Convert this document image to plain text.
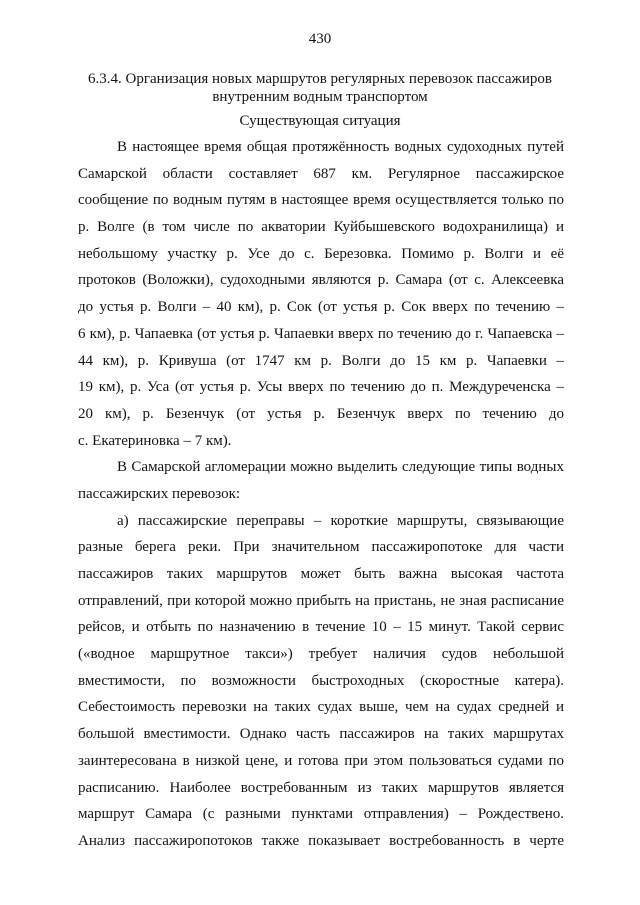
430
6.3.4. Организация новых маршрутов регулярных перевозок пассажиров
внутренним водным транспортом
Существующая ситуация
В настоящее время общая протяжённость водных судоходных путей
Самарской области составляет 687 км. Регулярное пассажирское
сообщение по водным путям в настоящее время осуществляется только по
р. Волге (в том числе по акватории Куйбышевского водохранилища) и
небольшому участку р. Усе до с. Березовка. Помимо р. Волги и её
протоков (Воложки), судоходными являются р. Самара (от с. Алексеевка
до устья р. Волги – 40 км), р. Сок (от устья р. Сок вверх по течению –
6 км), р. Чапаевка (от устья р. Чапаевки вверх по течению до г. Чапаевска –
44 км), р. Кривуша (от 1747 км р. Волги до 15 км р. Чапаевки –
19 км), р. Уса (от устья р. Усы вверх по течению до п. Междуреченска –
20 км), р. Безенчук (от устья р. Безенчук вверх по течению до
с. Екатериновка – 7 км).
В Самарской агломерации можно выделить следующие типы водных
пассажирских перевозок:
а) пассажирские переправы – короткие маршруты, связывающие
разные берега реки. При значительном пассажиропотоке для части
пассажиров таких маршрутов может быть важна высокая частота
отправлений, при которой можно прибыть на пристань, не зная расписание
рейсов, и отбыть по назначению в течение 10 – 15 минут. Такой сервис
(«водное маршрутное такси») требует наличия судов небольшой
вместимости, по возможности быстроходных (скоростные катера).
Себестоимость перевозки на таких судах выше, чем на судах средней и
большой вместимости. Однако часть пассажиров на таких маршрутах
заинтересована в низкой цене, и готова при этом пользоваться судами по
расписанию. Наиболее востребованным из таких маршрутов является
маршрут Самара (с разными пунктами отправления) – Рождествено.
Анализ пассажиропотоков также показывает востребованность в черте
